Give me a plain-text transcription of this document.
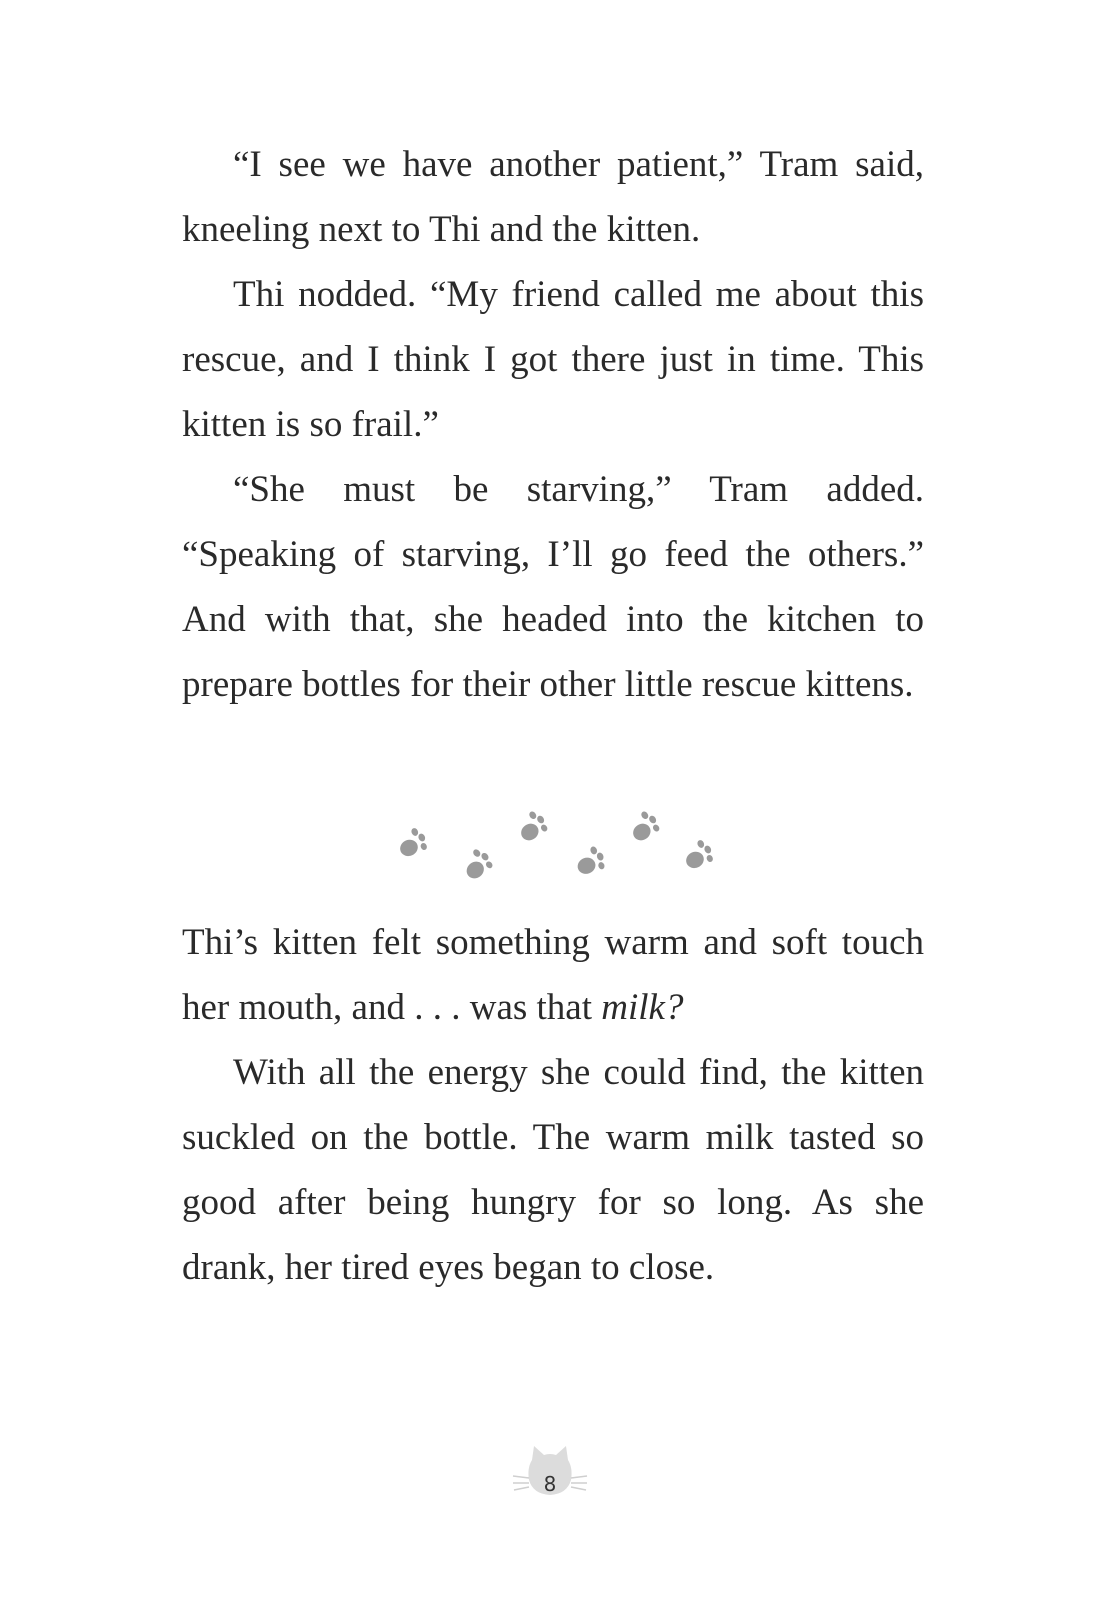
“I see we have another patient,” Tram said, kneeling next to Thi and the kitten.

Thi nodded. “My friend called me about this rescue, and I think I got there just in time. This kitten is so frail.”

“She must be starving,” Tram added. “Speaking of starving, I’ll go feed the others.” And with that, she headed into the kitchen to prepare bottles for their other little rescue kittens.

Thi’s kitten felt something warm and soft touch her mouth, and . . . was that milk?

With all the energy she could find, the kitten suckled on the bottle. The warm milk tasted so good after being hungry for so long. As she drank, her tired eyes began to close.

8
